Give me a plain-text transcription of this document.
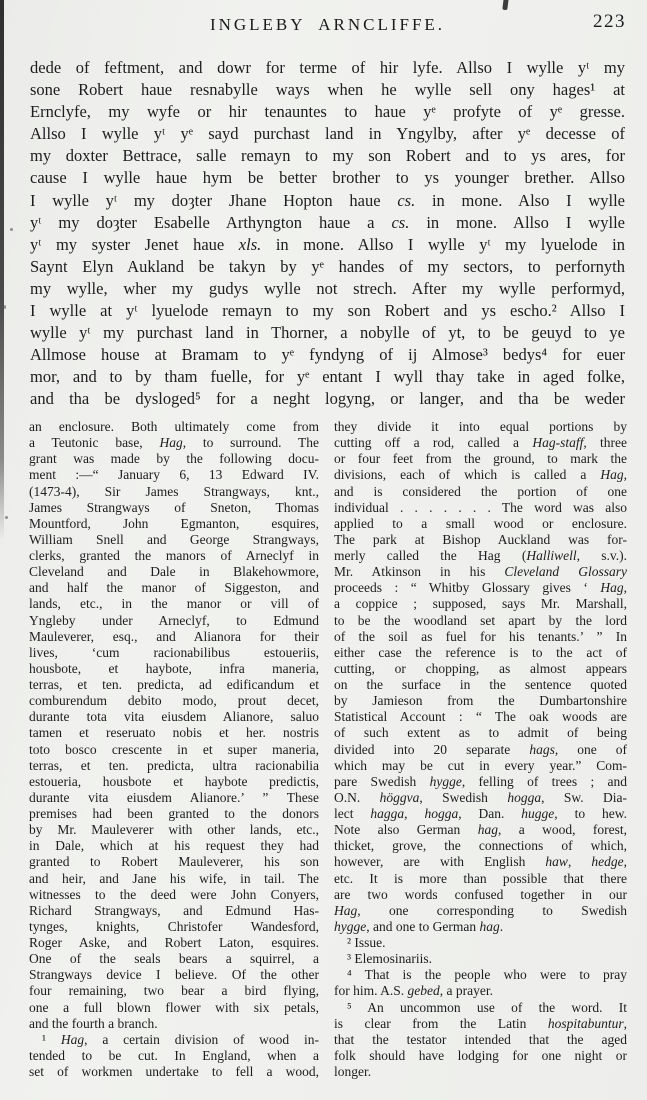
INGLEBY ARNCLIFFE.	223
dede of feftment, and dowr for terme of hir lyfe. Allso I wylle yᵗ my
sone Robert haue resnabylle ways when he wylle sell ony hages¹ at
Ernclyfe, my wyfe or hir tenauntes to haue yᵉ profyte of yᵉ gresse.
Allso I wylle yᵗ yᵉ sayd purchast land in Yngylby, after yᵉ decesse of
my doxter Bettrace, salle remayn to my son Robert and to ys ares, for
cause I wylle haue hym be better brother to ys younger brether. Allso
I wylle yᵗ my doȝter Jhane Hopton haue cs. in mone. Also I wylle
yᵗ my doȝter Esabelle Arthyngton haue a cs. in mone. Allso I wylle
yᵗ my syster Jenet haue xls. in mone. Allso I wylle yᵗ my lyuelode in
Saynt Elyn Aukland be takyn by yᵉ handes of my sectors, to perfornyth
my wylle, wher my gudys wylle not strech. After my wylle performyd,
I wylle at yᵗ lyuelode remayn to my son Robert and ys escho.² Allso I
wylle yᵗ my purchast land in Thorner, a nobylle of yt, to be geuyd to ye
Allmose house at Bramam to yᵉ fyndyng of ij Almose³ bedys⁴ for euer
mor, and to by tham fuelle, for yᵉ entant I wyll thay take in aged folke,
and tha be dysloged⁵ for a neght logyng, or langer, and tha be weder
an enclosure. Both ultimately come from
a Teutonic base, Hag, to surround. The
grant was made by the following docu-
ment :—“ January 6, 13 Edward IV.
(1473-4), Sir James Strangways, knt.,
James Strangways of Sneton, Thomas
Mountford, John Egmanton, esquires,
William Snell and George Strangways,
clerks, granted the manors of Arneclyf in
Cleveland and Dale in Blakehowmore,
and half the manor of Siggeston, and
lands, etc., in the manor or vill of
Yngleby under Arneclyf, to Edmund
Mauleverer, esq., and Alianora for their
lives, ‘cum racionabilibus estoueriis,
housbote, et haybote, infra maneria,
terras, et ten. predicta, ad edificandum et
comburendum debito modo, prout decet,
durante tota vita eiusdem Alianore, saluo
tamen et reseruato nobis et her. nostris
toto bosco crescente in et super maneria,
terras, et ten. predicta, ultra racionabilia
estoueria, housbote et haybote predictis,
durante vita eiusdem Alianore.’ ” These
premises had been granted to the donors
by Mr. Mauleverer with other lands, etc.,
in Dale, which at his request they had
granted to Robert Mauleverer, his son
and heir, and Jane his wife, in tail. The
witnesses to the deed were John Conyers,
Richard Strangways, and Edmund Has-
tynges, knights, Christofer Wandesford,
Roger Aske, and Robert Laton, esquires.
One of the seals bears a squirrel, a
Strangways device I believe. Of the other
four remaining, two bear a bird flying,
one a full blown flower with six petals,
and the fourth a branch.
¹ Hag, a certain division of wood in-
tended to be cut. In England, when a
set of workmen undertake to fell a wood,
they divide it into equal portions by
cutting off a rod, called a Hag-staff, three
or four feet from the ground, to mark the
divisions, each of which is called a Hag,
and is considered the portion of one
individual . . . . . . . The word was also
applied to a small wood or enclosure.
The park at Bishop Auckland was for-
merly called the Hag (Halliwell, s.v.).
Mr. Atkinson in his Cleveland Glossary
proceeds : “ Whitby Glossary gives ‘ Hag,
a coppice ; supposed, says Mr. Marshall,
to be the woodland set apart by the lord
of the soil as fuel for his tenants.’ ” In
either case the reference is to the act of
cutting, or chopping, as almost appears
on the surface in the sentence quoted
by Jamieson from the Dumbartonshire
Statistical Account : “ The oak woods are
of such extent as to admit of being
divided into 20 separate hags, one of
which may be cut in every year.” Com-
pare Swedish hygge, felling of trees ; and
O.N. höggva, Swedish hogga, Sw. Dia-
lect hagga, hogga, Dan. hugge, to hew.
Note also German hag, a wood, forest,
thicket, grove, the connections of which,
however, are with English haw, hedge,
etc. It is more than possible that there
are two words confused together in our
Hag, one corresponding to Swedish
hygge, and one to German hag.
² Issue.
³ Elemosinariis.
⁴ That is the people who were to pray
for him. A.S. gebed, a prayer.
⁵ An uncommon use of the word. It
is clear from the Latin hospitabuntur,
that the testator intended that the aged
folk should have lodging for one night or
longer.
